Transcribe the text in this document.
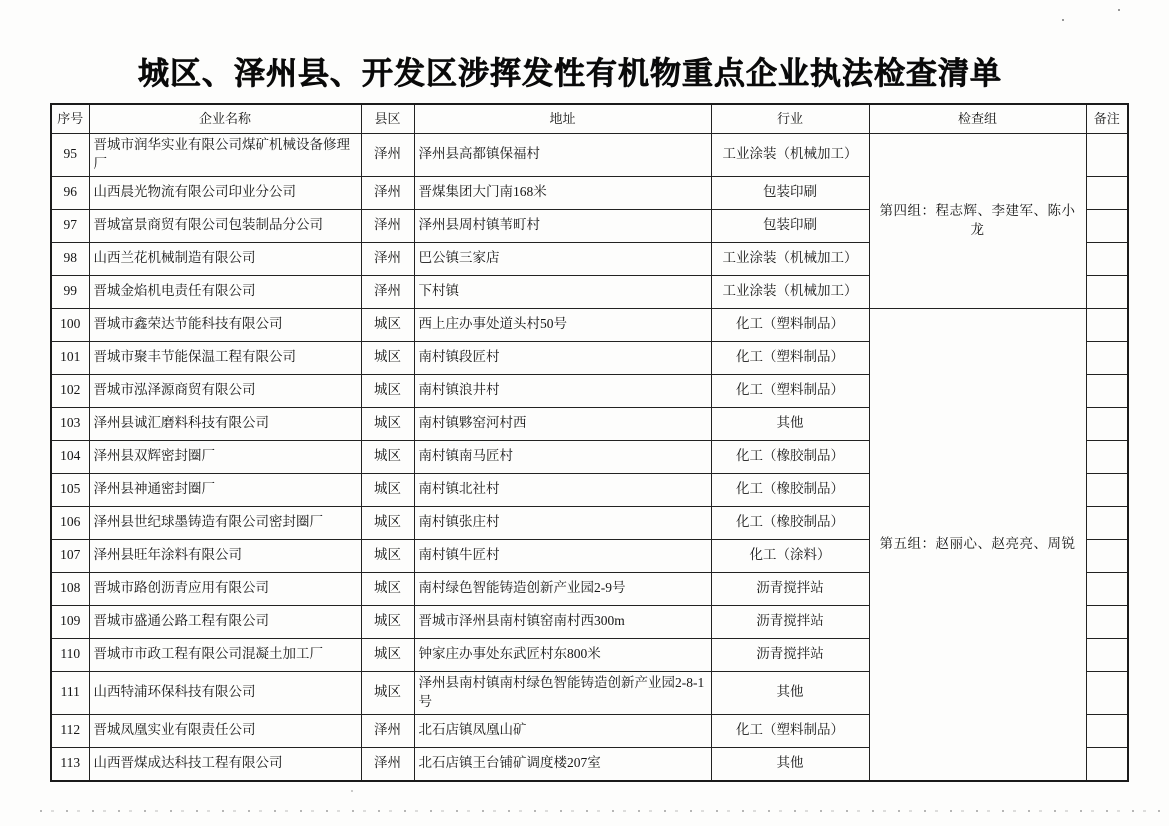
城区、泽州县、开发区涉挥发性有机物重点企业执法检查清单
序号	企业名称	县区	地址	行业	检查组	备注
95	晋城市润华实业有限公司煤矿机械设备修理厂	泽州	泽州县高都镇保福村	工业涂装（机械加工）	第四组：程志辉、李建军、陈小龙	
96	山西晨光物流有限公司印业分公司	泽州	晋煤集团大门南168米	包装印刷		
97	晋城富景商贸有限公司包装制品分公司	泽州	泽州县周村镇苇町村	包装印刷		
98	山西兰花机械制造有限公司	泽州	巴公镇三家店	工业涂装（机械加工）		
99	晋城金焰机电责任有限公司	泽州	下村镇	工业涂装（机械加工）		
100	晋城市鑫荣达节能科技有限公司	城区	西上庄办事处道头村50号	化工（塑料制品）	第五组：赵丽心、赵亮亮、周锐	
101	晋城市聚丰节能保温工程有限公司	城区	南村镇段匠村	化工（塑料制品）		
102	晋城市泓泽源商贸有限公司	城区	南村镇浪井村	化工（塑料制品）		
103	泽州县诚汇磨料科技有限公司	城区	南村镇夥窑河村西	其他		
104	泽州县双辉密封圈厂	城区	南村镇南马匠村	化工（橡胶制品）		
105	泽州县神通密封圈厂	城区	南村镇北社村	化工（橡胶制品）		
106	泽州县世纪球墨铸造有限公司密封圈厂	城区	南村镇张庄村	化工（橡胶制品）		
107	泽州县旺年涂料有限公司	城区	南村镇牛匠村	化工（涂料）		
108	晋城市路创沥青应用有限公司	城区	南村绿色智能铸造创新产业园2-9号	沥青搅拌站		
109	晋城市盛通公路工程有限公司	城区	晋城市泽州县南村镇窑南村西300m	沥青搅拌站		
110	晋城市市政工程有限公司混凝土加工厂	城区	钟家庄办事处东武匠村东800米	沥青搅拌站		
111	山西特浦环保科技有限公司	城区	泽州县南村镇南村绿色智能铸造创新产业园2-8-1号	其他		
112	晋城凤凰实业有限责任公司	泽州	北石店镇凤凰山矿	化工（塑料制品）		
113	山西晋煤成达科技工程有限公司	泽州	北石店镇王台铺矿调度楼207室	其他		
